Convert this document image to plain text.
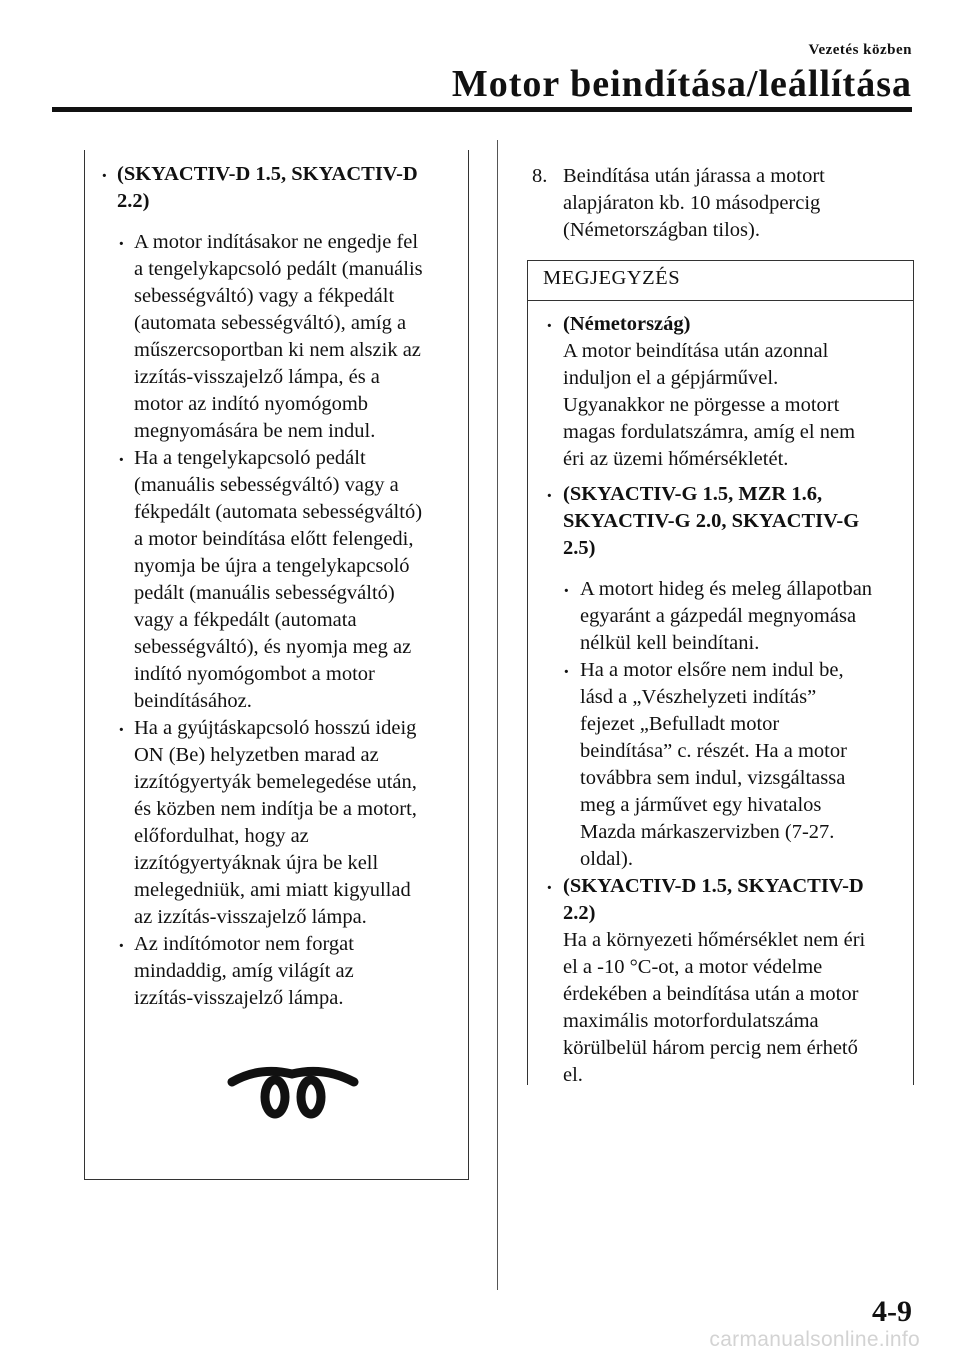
Vezetés közben
Motor beindítása/leállítása
· (SKYACTIV-D 1.5, SKYACTIV-D
2.2)
· A motor indításakor ne engedje fel
a tengelykapcsoló pedált (manuális
sebességváltó) vagy a fékpedált
(automata sebességváltó), amíg a
műszercsoportban ki nem alszik az
izzítás-visszajelző lámpa, és a
motor az indító nyomógomb
megnyomására be nem indul.
· Ha a tengelykapcsoló pedált
(manuális sebességváltó) vagy a
fékpedált (automata sebességváltó)
a motor beindítása előtt felengedi,
nyomja be újra a tengelykapcsoló
pedált (manuális sebességváltó)
vagy a fékpedált (automata
sebességváltó), és nyomja meg az
indító nyomógombot a motor
beindításához.
· Ha a gyújtáskapcsoló hosszú ideig
ON (Be) helyzetben marad az
izzítógyertyák bemelegedése után,
és közben nem indítja be a motort,
előfordulhat, hogy az
izzítógyertyáknak újra be kell
melegedniük, ami miatt kigyullad
az izzítás-visszajelző lámpa.
· Az indítómotor nem forgat
mindaddig, amíg világít az
izzítás-visszajelző lámpa.
8. Beindítása után járassa a motort
alapjáraton kb. 10 másodpercig
(Németországban tilos).
MEGJEGYZÉS
· (Németország)
A motor beindítása után azonnal
induljon el a gépjárművel.
Ugyanakkor ne pörgesse a motort
magas fordulatszámra, amíg el nem
éri az üzemi hőmérsékletét.
· (SKYACTIV-G 1.5, MZR 1.6,
SKYACTIV-G 2.0, SKYACTIV-G
2.5)
· A motort hideg és meleg állapotban
egyaránt a gázpedál megnyomása
nélkül kell beindítani.
· Ha a motor elsőre nem indul be,
lásd a „Vészhelyzeti indítás”
fejezet „Befulladt motor
beindítása” c. részét. Ha a motor
továbbra sem indul, vizsgáltassa
meg a járművet egy hivatalos
Mazda márkaszervizben (7-27.
oldal).
· (SKYACTIV-D 1.5, SKYACTIV-D
2.2)
Ha a környezeti hőmérséklet nem éri
el a -10 °C-ot, a motor védelme
érdekében a beindítása után a motor
maximális motorfordulatszáma
körülbelül három percig nem érhető
el.
4-9
carmanualsonline.info
